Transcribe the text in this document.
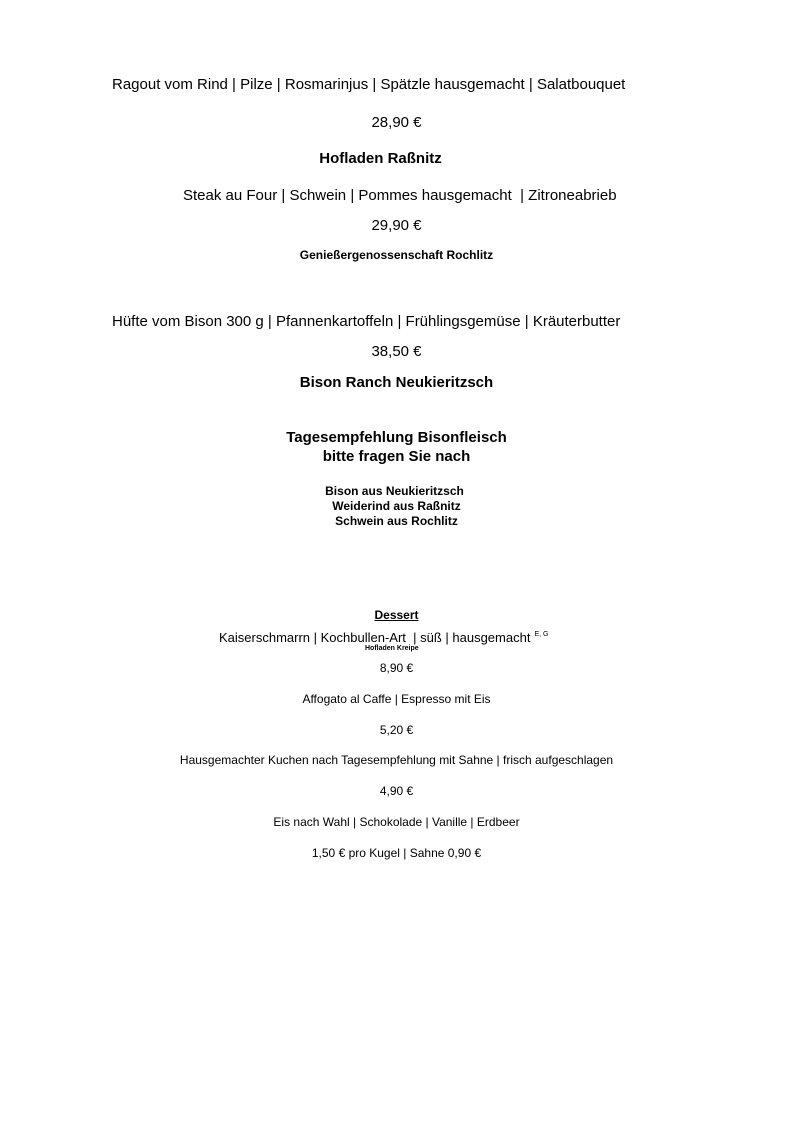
Ragout vom Rind | Pilze | Rosmarinjus | Spätzle hausgemacht | Salatbouquet
28,90 €
Hofladen Raßnitz
Steak au Four | Schwein | Pommes hausgemacht  | Zitroneabrieb
29,90 €
Genießergenossenschaft Rochlitz
Hüfte vom Bison 300 g | Pfannenkartoffeln | Frühlingsgemüse | Kräuterbutter
38,50 €
Bison Ranch Neukieritzsch
Tagesempfehlung Bisonfleisch
bitte fragen Sie nach
Bison aus Neukieritzsch
Weiderind aus Raßnitz
Schwein aus Rochlitz
Dessert
Kaiserschmarrn | Kochbullen-Art  | süß | hausgemacht $^{E, G}$
Hofladen Kreipe
8,90 €
Affogato al Caffe | Espresso mit Eis
5,20 €
Hausgemachter Kuchen nach Tagesempfehlung mit Sahne | frisch aufgeschlagen
4,90 €
Eis nach Wahl | Schokolade | Vanille | Erdbeer
1,50 € pro Kugel | Sahne 0,90 €
